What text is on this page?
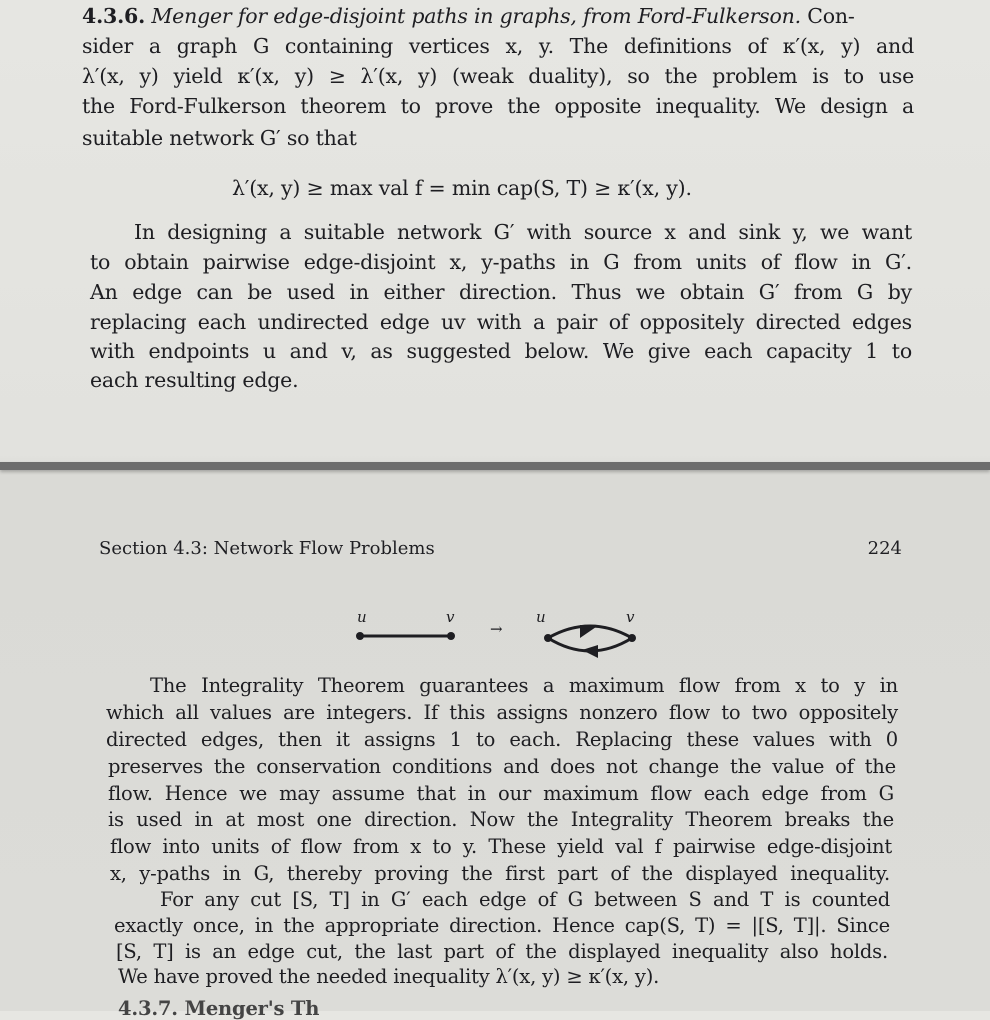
4.3.6. Menger for edge-disjoint paths in graphs, from Ford-Fulkerson. Con-
sider a graph G containing vertices x, y. The definitions of κ′(x, y) and
λ′(x, y) yield κ′(x, y) ≥ λ′(x, y) (weak duality), so the problem is to use
the Ford-Fulkerson theorem to prove the opposite inequality. We design a
suitable network G′ so that
λ′(x, y) ≥ max val f = min cap(S, T) ≥ κ′(x, y).
In designing a suitable network G′ with source x and sink y, we want
to obtain pairwise edge-disjoint x, y-paths in G from units of flow in G′.
An edge can be used in either direction. Thus we obtain G′ from G by
replacing each undirected edge uv with a pair of oppositely directed edges
with endpoints u and v, as suggested below. We give each capacity 1 to
each resulting edge.
Section 4.3: Network Flow Problems	224
u	v
→
u	v
The Integrality Theorem guarantees a maximum flow from x to y in
which all values are integers. If this assigns nonzero flow to two oppositely
directed edges, then it assigns 1 to each. Replacing these values with 0
preserves the conservation conditions and does not change the value of the
flow. Hence we may assume that in our maximum flow each edge from G
is used in at most one direction. Now the Integrality Theorem breaks the
flow into units of flow from x to y. These yield val f pairwise edge-disjoint
x, y-paths in G, thereby proving the first part of the displayed inequality.
For any cut [S, T] in G′ each edge of G between S and T is counted
exactly once, in the appropriate direction. Hence cap(S, T) = |[S, T]|. Since
[S, T] is an edge cut, the last part of the displayed inequality also holds.
We have proved the needed inequality λ′(x, y) ≥ κ′(x, y).
4.3.7. Menger's Th
